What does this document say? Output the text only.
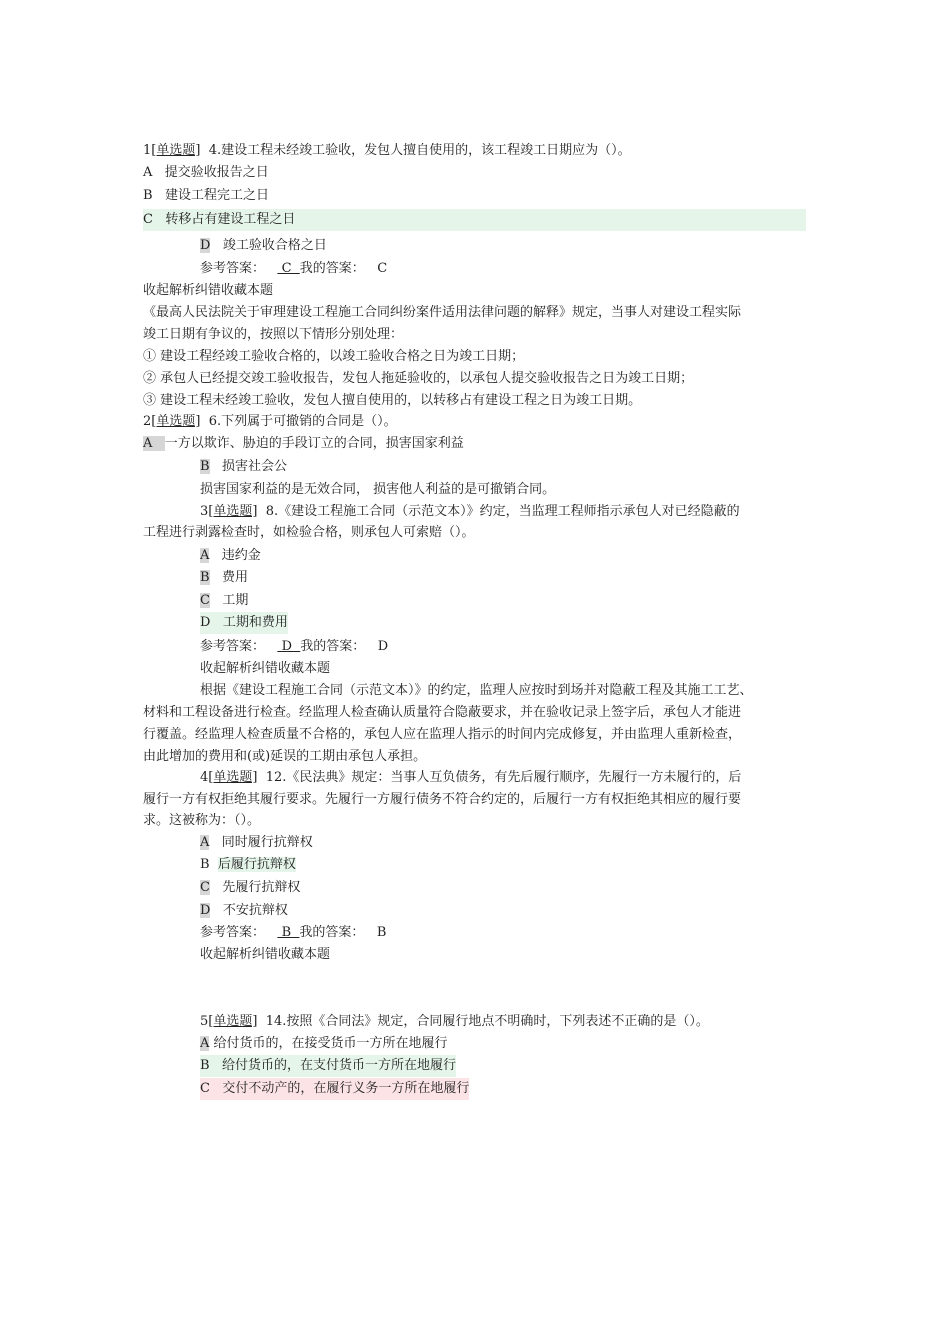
1[单选题] 4.建设工程未经竣工验收，发包人擅自使用的，该工程竣工日期应为（）。
A 提交验收报告之日
B 建设工程完工之日
C 转移占有建设工程之日
D 竣工验收合格之日
参考答案： C 我的答案： C
收起解析纠错收藏本题
《最高人民法院关于审理建设工程施工合同纠纷案件适用法律问题的解释》规定，当事人对建设工程实际
竣工日期有争议的，按照以下情形分别处理：
① 建设工程经竣工验收合格的，以竣工验收合格之日为竣工日期；
② 承包人已经提交竣工验收报告，发包人拖延验收的，以承包人提交验收报告之日为竣工日期；
③ 建设工程未经竣工验收，发包人擅自使用的，以转移占有建设工程之日为竣工日期。
2[单选题] 6.下列属于可撤销的合同是（）。
A 一方以欺诈、胁迫的手段订立的合同，损害国家利益
B 损害社会公
损害国家利益的是无效合同， 损害他人利益的是可撤销合同。
3[单选题] 8.《建设工程施工合同（示范文本）》约定，当监理工程师指示承包人对已经隐蔽的
工程进行剥露检查时，如检验合格，则承包人可索赔（）。
A 违约金
B 费用
C 工期
D 工期和费用
参考答案： D 我的答案： D
收起解析纠错收藏本题
根据《建设工程施工合同（示范文本）》的约定，监理人应按时到场并对隐蔽工程及其施工工艺、
材料和工程设备进行检查。经监理人检查确认质量符合隐蔽要求，并在验收记录上签字后，承包人才能进
行覆盖。经监理人检查质量不合格的，承包人应在监理人指示的时间内完成修复，并由监理人重新检查，
由此增加的费用和(或)延误的工期由承包人承担。
4[单选题] 12.《民法典》规定：当事人互负债务，有先后履行顺序，先履行一方未履行的，后
履行一方有权拒绝其履行要求。先履行一方履行债务不符合约定的，后履行一方有权拒绝其相应的履行要
求。这被称为：（）。
A 同时履行抗辩权
B 后履行抗辩权
C 先履行抗辩权
D 不安抗辩权
参考答案： B 我的答案： B
收起解析纠错收藏本题
5[单选题] 14.按照《合同法》规定，合同履行地点不明确时，下列表述不正确的是（）。
A 给付货币的，在接受货币一方所在地履行
B 给付货币的，在支付货币一方所在地履行
C 交付不动产的，在履行义务一方所在地履行
